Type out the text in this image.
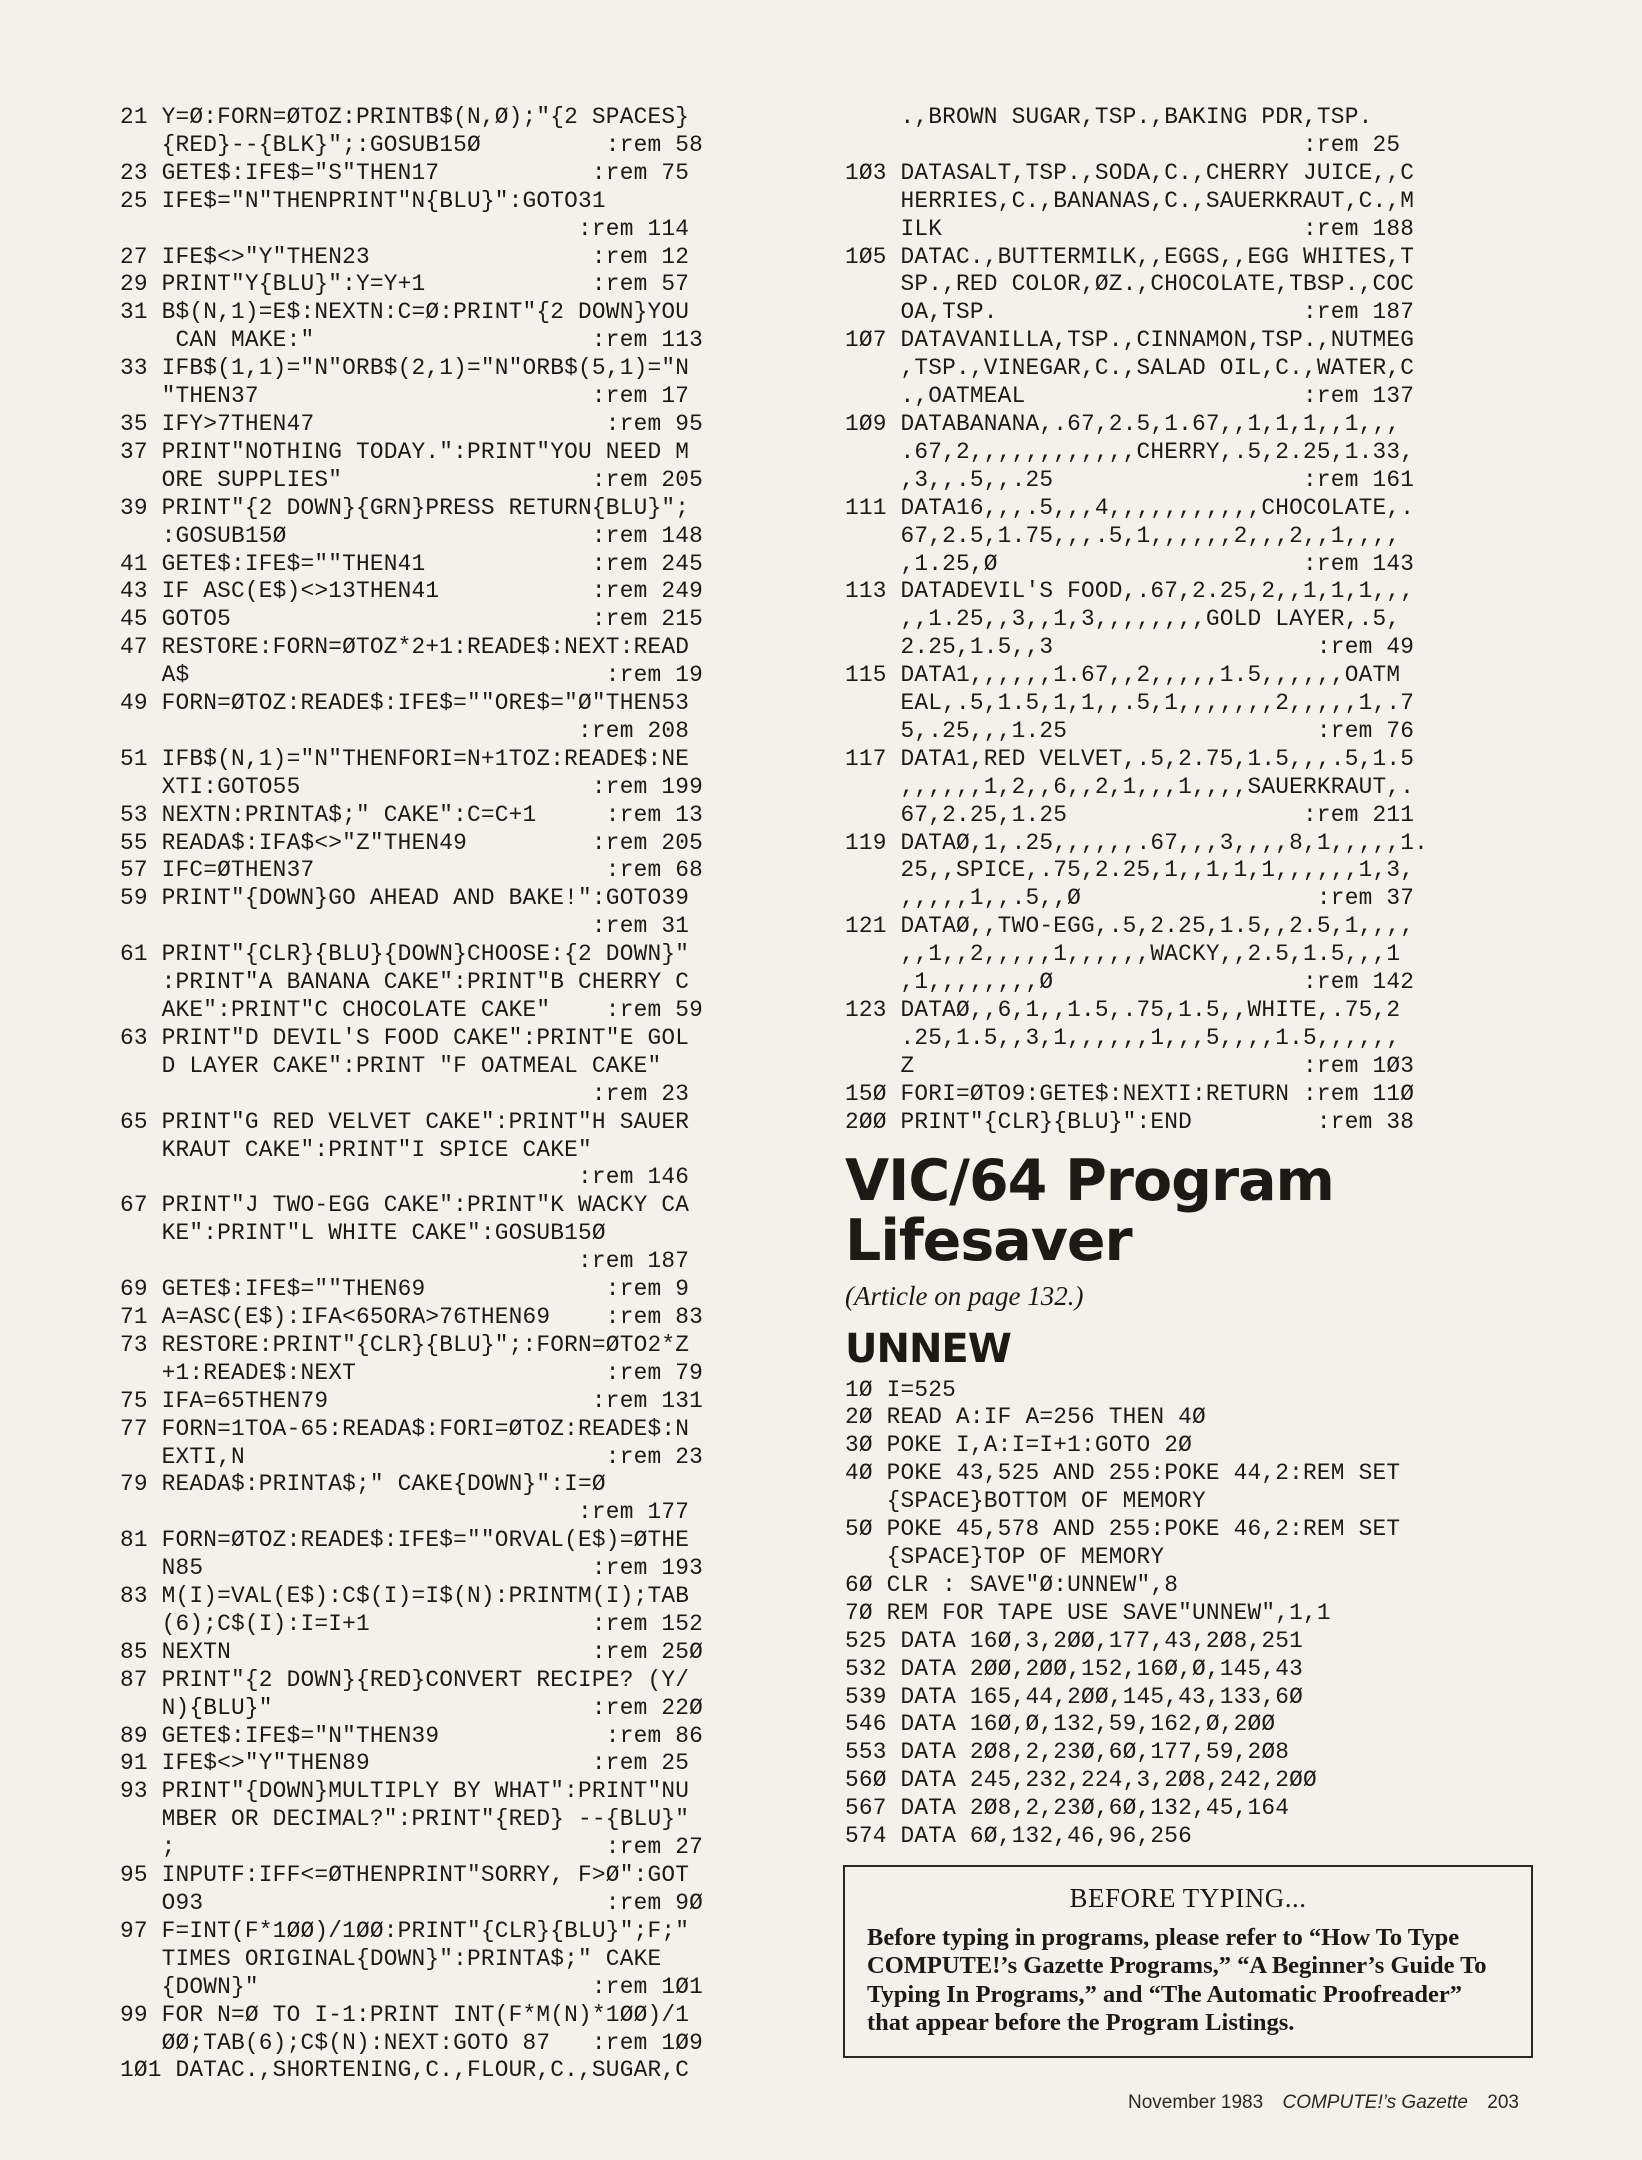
21 Y=Ø:FORN=ØTOZ:PRINTB$(N,Ø);"{2 SPACES}
{RED}--{BLK}";:GOSUB15Ø         :rem 58
23 GETE$:IFE$="S"THEN17           :rem 75
25 IFE$="N"THENPRINT"N{BLU}":GOTO31
:rem 114
27 IFE$<>"Y"THEN23                :rem 12
29 PRINT"Y{BLU}":Y=Y+1            :rem 57
31 B$(N,1)=E$:NEXTN:C=Ø:PRINT"{2 DOWN}YOU
CAN MAKE:"                    :rem 113
33 IFB$(1,1)="N"ORB$(2,1)="N"ORB$(5,1)="N
"THEN37                        :rem 17
35 IFY>7THEN47                     :rem 95
37 PRINT"NOTHING TODAY.":PRINT"YOU NEED M
ORE SUPPLIES"                  :rem 205
39 PRINT"{2 DOWN}{GRN}PRESS RETURN{BLU}";
:GOSUB15Ø                      :rem 148
41 GETE$:IFE$=""THEN41            :rem 245
43 IF ASC(E$)<>13THEN41           :rem 249
45 GOTO5                          :rem 215
47 RESTORE:FORN=ØTOZ*2+1:READE$:NEXT:READ
A$                              :rem 19
49 FORN=ØTOZ:READE$:IFE$=""ORE$="Ø"THEN53
:rem 208
51 IFB$(N,1)="N"THENFORI=N+1TOZ:READE$:NE
XTI:GOTO55                     :rem 199
53 NEXTN:PRINTA$;" CAKE":C=C+1     :rem 13
55 READA$:IFA$<>"Z"THEN49         :rem 205
57 IFC=ØTHEN37                     :rem 68
59 PRINT"{DOWN}GO AHEAD AND BAKE!":GOTO39
:rem 31
61 PRINT"{CLR}{BLU}{DOWN}CHOOSE:{2 DOWN}"
:PRINT"A BANANA CAKE":PRINT"B CHERRY C
AKE":PRINT"C CHOCOLATE CAKE"    :rem 59
63 PRINT"D DEVIL'S FOOD CAKE":PRINT"E GOL
D LAYER CAKE":PRINT "F OATMEAL CAKE"
:rem 23
65 PRINT"G RED VELVET CAKE":PRINT"H SAUER
KRAUT CAKE":PRINT"I SPICE CAKE"
:rem 146
67 PRINT"J TWO-EGG CAKE":PRINT"K WACKY CA
KE":PRINT"L WHITE CAKE":GOSUB15Ø
:rem 187
69 GETE$:IFE$=""THEN69             :rem 9
71 A=ASC(E$):IFA<65ORA>76THEN69    :rem 83
73 RESTORE:PRINT"{CLR}{BLU}";:FORN=ØTO2*Z
+1:READE$:NEXT                  :rem 79
75 IFA=65THEN79                   :rem 131
77 FORN=1TOA-65:READA$:FORI=ØTOZ:READE$:N
EXTI,N                          :rem 23
79 READA$:PRINTA$;" CAKE{DOWN}":I=Ø
:rem 177
81 FORN=ØTOZ:READE$:IFE$=""ORVAL(E$)=ØTHE
N85                            :rem 193
83 M(I)=VAL(E$):C$(I)=I$(N):PRINTM(I);TAB
(6);C$(I):I=I+1                :rem 152
85 NEXTN                          :rem 25Ø
87 PRINT"{2 DOWN}{RED}CONVERT RECIPE? (Y/
N){BLU}"                       :rem 22Ø
89 GETE$:IFE$="N"THEN39            :rem 86
91 IFE$<>"Y"THEN89                :rem 25
93 PRINT"{DOWN}MULTIPLY BY WHAT":PRINT"NU
MBER OR DECIMAL?":PRINT"{RED} --{BLU}"
;                               :rem 27
95 INPUTF:IFF<=ØTHENPRINT"SORRY, F>Ø":GOT
O93                             :rem 9Ø
97 F=INT(F*1ØØ)/1ØØ:PRINT"{CLR}{BLU}";F;"
TIMES ORIGINAL{DOWN}":PRINTA$;" CAKE
{DOWN}"                        :rem 1Ø1
99 FOR N=Ø TO I-1:PRINT INT(F*M(N)*1ØØ)/1
ØØ;TAB(6);C$(N):NEXT:GOTO 87   :rem 1Ø9
1Ø1 DATAC.,SHORTENING,C.,FLOUR,C.,SUGAR,C
.,BROWN SUGAR,TSP.,BAKING PDR,TSP.
:rem 25
1Ø3 DATASALT,TSP.,SODA,C.,CHERRY JUICE,,C
HERRIES,C.,BANANAS,C.,SAUERKRAUT,C.,M
ILK                          :rem 188
1Ø5 DATAC.,BUTTERMILK,,EGGS,,EGG WHITES,T
SP.,RED COLOR,ØZ.,CHOCOLATE,TBSP.,COC
OA,TSP.                      :rem 187
1Ø7 DATAVANILLA,TSP.,CINNAMON,TSP.,NUTMEG
,TSP.,VINEGAR,C.,SALAD OIL,C.,WATER,C
.,OATMEAL                    :rem 137
1Ø9 DATABANANA,.67,2.5,1.67,,1,1,1,,1,,,
.67,2,,,,,,,,,,,,CHERRY,.5,2.25,1.33,
,3,,.5,,.25                  :rem 161
111 DATA16,,,.5,,,4,,,,,,,,,,,CHOCOLATE,.
67,2.5,1.75,,,.5,1,,,,,,2,,,2,,1,,,,
,1.25,Ø                      :rem 143
113 DATADEVIL'S FOOD,.67,2.25,2,,1,1,1,,,
,,1.25,,3,,1,3,,,,,,,,GOLD LAYER,.5,
2.25,1.5,,3                   :rem 49
115 DATA1,,,,,,1.67,,2,,,,,1.5,,,,,,OATM
EAL,.5,1.5,1,1,,.5,1,,,,,,,2,,,,,1,.7
5,.25,,,1.25                  :rem 76
117 DATA1,RED VELVET,.5,2.75,1.5,,,.5,1.5
,,,,,,1,2,,6,,2,1,,,1,,,,SAUERKRAUT,.
67,2.25,1.25                 :rem 211
119 DATAØ,1,.25,,,,,,.67,,,3,,,,8,1,,,,,1.
25,,SPICE,.75,2.25,1,,1,1,1,,,,,,1,3,
,,,,,1,,.5,,Ø                 :rem 37
121 DATAØ,,TWO-EGG,.5,2.25,1.5,,2.5,1,,,,
,,1,,2,,,,,1,,,,,,WACKY,,2.5,1.5,,,1
,1,,,,,,,,Ø                  :rem 142
123 DATAØ,,6,1,,1.5,.75,1.5,,WHITE,.75,2
.25,1.5,,3,1,,,,,,1,,,5,,,,1.5,,,,,,
Z                            :rem 1Ø3
15Ø FORI=ØTO9:GETE$:NEXTI:RETURN :rem 11Ø
2ØØ PRINT"{CLR}{BLU}":END         :rem 38
VIC/64 Program
Lifesaver

(Article on page 132.)

UNNEW
1Ø I=525
2Ø READ A:IF A=256 THEN 4Ø
3Ø POKE I,A:I=I+1:GOTO 2Ø
4Ø POKE 43,525 AND 255:POKE 44,2:REM SET
{SPACE}BOTTOM OF MEMORY
5Ø POKE 45,578 AND 255:POKE 46,2:REM SET
{SPACE}TOP OF MEMORY
6Ø CLR : SAVE"Ø:UNNEW",8
7Ø REM FOR TAPE USE SAVE"UNNEW",1,1
525 DATA 16Ø,3,2ØØ,177,43,2Ø8,251
532 DATA 2ØØ,2ØØ,152,16Ø,Ø,145,43
539 DATA 165,44,2ØØ,145,43,133,6Ø
546 DATA 16Ø,Ø,132,59,162,Ø,2ØØ
553 DATA 2Ø8,2,23Ø,6Ø,177,59,2Ø8
56Ø DATA 245,232,224,3,2Ø8,242,2ØØ
567 DATA 2Ø8,2,23Ø,6Ø,132,45,164
574 DATA 6Ø,132,46,96,256

BEFORE TYPING...

Before typing in programs, please refer to “How To Type COMPUTE!’s Gazette Programs,” “A Beginner’s Guide To Typing In Programs,” and “The Automatic Proofreader” that appear before the Program Listings.

November 1983 COMPUTE!’s Gazette 203
